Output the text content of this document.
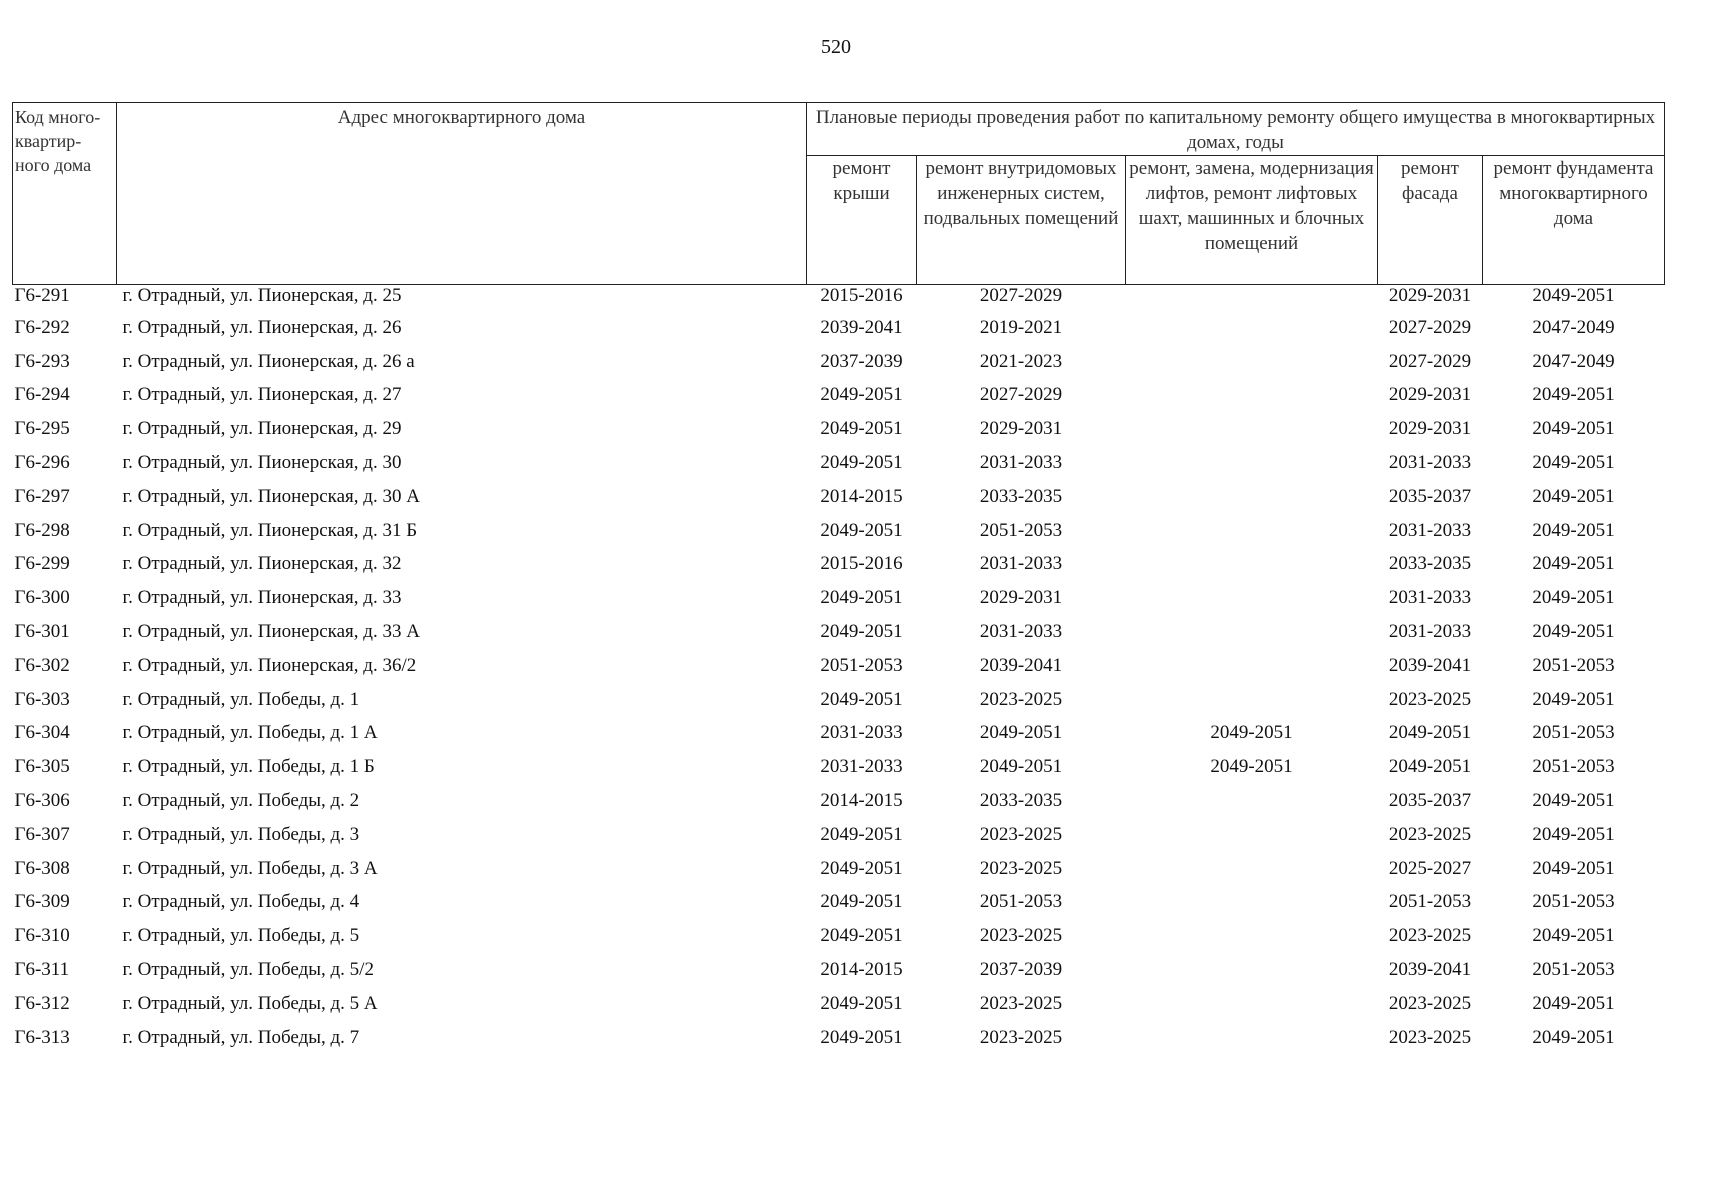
520
Код много-квартир-ного дома	Адрес многоквартирного дома	Плановые периоды проведения работ по капитальному ремонту общего имущества в многоквартирных домах, годы				
		ремонт крыши	ремонт внутридомовых инженерных систем, подвальных помещений	ремонт, замена, модернизация лифтов, ремонт лифтовых шахт, машинных и блочных помещений	ремонт фасада	ремонт фундамента многоквартирного дома
Г6-291	г. Отрадный, ул. Пионерская, д. 25	2015-2016	2027-2029		2029-2031	2049-2051
Г6-292	г. Отрадный, ул. Пионерская, д. 26	2039-2041	2019-2021		2027-2029	2047-2049
Г6-293	г. Отрадный, ул. Пионерская, д. 26 а	2037-2039	2021-2023		2027-2029	2047-2049
Г6-294	г. Отрадный, ул. Пионерская, д. 27	2049-2051	2027-2029		2029-2031	2049-2051
Г6-295	г. Отрадный, ул. Пионерская, д. 29	2049-2051	2029-2031		2029-2031	2049-2051
Г6-296	г. Отрадный, ул. Пионерская, д. 30	2049-2051	2031-2033		2031-2033	2049-2051
Г6-297	г. Отрадный, ул. Пионерская, д. 30 А	2014-2015	2033-2035		2035-2037	2049-2051
Г6-298	г. Отрадный, ул. Пионерская, д. 31 Б	2049-2051	2051-2053		2031-2033	2049-2051
Г6-299	г. Отрадный, ул. Пионерская, д. 32	2015-2016	2031-2033		2033-2035	2049-2051
Г6-300	г. Отрадный, ул. Пионерская, д. 33	2049-2051	2029-2031		2031-2033	2049-2051
Г6-301	г. Отрадный, ул. Пионерская, д. 33 А	2049-2051	2031-2033		2031-2033	2049-2051
Г6-302	г. Отрадный, ул. Пионерская, д. 36/2	2051-2053	2039-2041		2039-2041	2051-2053
Г6-303	г. Отрадный, ул. Победы, д. 1	2049-2051	2023-2025		2023-2025	2049-2051
Г6-304	г. Отрадный, ул. Победы, д. 1 А	2031-2033	2049-2051	2049-2051	2049-2051	2051-2053
Г6-305	г. Отрадный, ул. Победы, д. 1 Б	2031-2033	2049-2051	2049-2051	2049-2051	2051-2053
Г6-306	г. Отрадный, ул. Победы, д. 2	2014-2015	2033-2035		2035-2037	2049-2051
Г6-307	г. Отрадный, ул. Победы, д. 3	2049-2051	2023-2025		2023-2025	2049-2051
Г6-308	г. Отрадный, ул. Победы, д. 3 А	2049-2051	2023-2025		2025-2027	2049-2051
Г6-309	г. Отрадный, ул. Победы, д. 4	2049-2051	2051-2053		2051-2053	2051-2053
Г6-310	г. Отрадный, ул. Победы, д. 5	2049-2051	2023-2025		2023-2025	2049-2051
Г6-311	г. Отрадный, ул. Победы, д. 5/2	2014-2015	2037-2039		2039-2041	2051-2053
Г6-312	г. Отрадный, ул. Победы, д. 5 А	2049-2051	2023-2025		2023-2025	2049-2051
Г6-313	г. Отрадный, ул. Победы, д. 7	2049-2051	2023-2025		2023-2025	2049-2051
